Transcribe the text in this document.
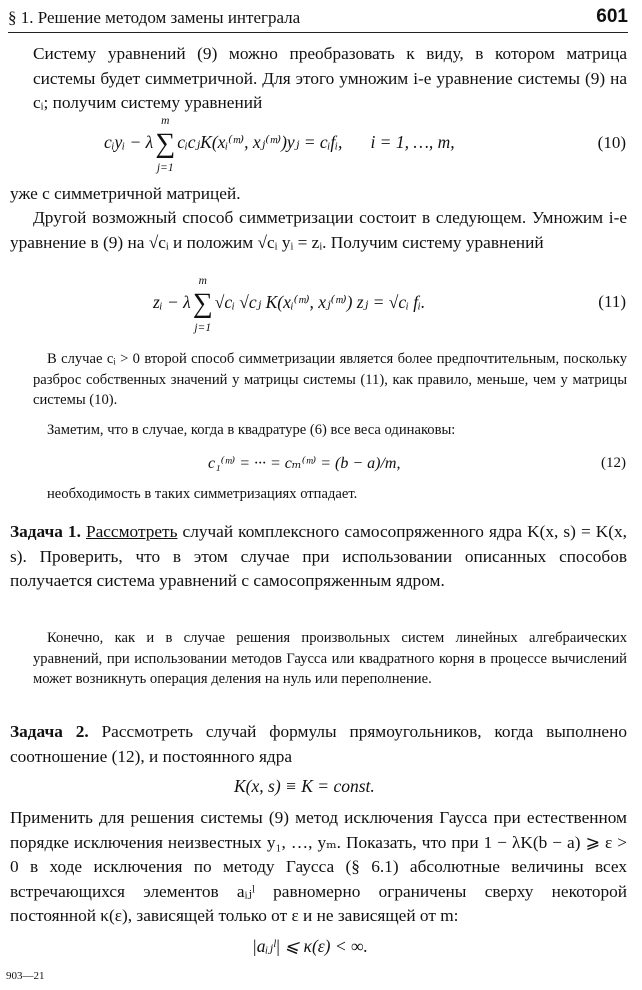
§ 1. Решение методом замены интеграла	601

Систему уравнений (9) можно преобразовать к виду, в котором матрица системы будет симметричной. Для этого умножим i-е уравнение системы (9) на cᵢ; получим систему уравнений

cᵢyᵢ − λ
m
∑
j=1
cᵢcⱼK(xᵢ⁽ᵐ⁾, xⱼ⁽ᵐ⁾)yⱼ = cᵢfᵢ, i = 1, …, m,	(10)

уже с симметричной матрицей.

Другой возможный способ симметризации состоит в следующем. Умножим i-е уравнение в (9) на √cᵢ и положим √cᵢ yᵢ = zᵢ. Получим систему уравнений

zᵢ − λ
m
∑
j=1
√cᵢ √cⱼ K(xᵢ⁽ᵐ⁾, xⱼ⁽ᵐ⁾) zⱼ = √cᵢ fᵢ.	(11)

В случае cᵢ > 0 второй способ симметризации является более предпочтительным, поскольку разброс собственных значений у матрицы системы (11), как правило, меньше, чем у матрицы системы (10).

Заметим, что в случае, когда в квадратуре (6) все веса одинаковы:

c₁⁽ᵐ⁾ = ··· = cₘ⁽ᵐ⁾ = (b − a)/m,	(12)

необходимость в таких симметризациях отпадает.

Задача 1. Рассмотреть случай комплексного самосопряженного ядра K(x, s) = K(x, s). Проверить, что в этом случае при использовании описанных способов получается система уравнений с самосопряженным ядром.

Конечно, как и в случае решения произвольных систем линейных алгебраических уравнений, при использовании методов Гаусса или квадратного корня в процессе вычислений может возникнуть операция деления на нуль или переполнение.

Задача 2. Рассмотреть случай формулы прямоугольников, когда выполнено соотношение (12), и постоянного ядра

K(x, s) ≡ K = const.

Применить для решения системы (9) метод исключения Гаусса при естественном порядке исключения неизвестных y₁, …, yₘ. Показать, что при 1 − λK(b − a) ⩾ ε > 0 в ходе исключения по методу Гаусса (§ 6.1) абсолютные величины всех встречающихся элементов aᵢⱼˡ равномерно ограничены сверху некоторой постоянной κ(ε), зависящей только от ε и не зависящей от m:

|aᵢⱼˡ| ⩽ κ(ε) < ∞.
903—21
